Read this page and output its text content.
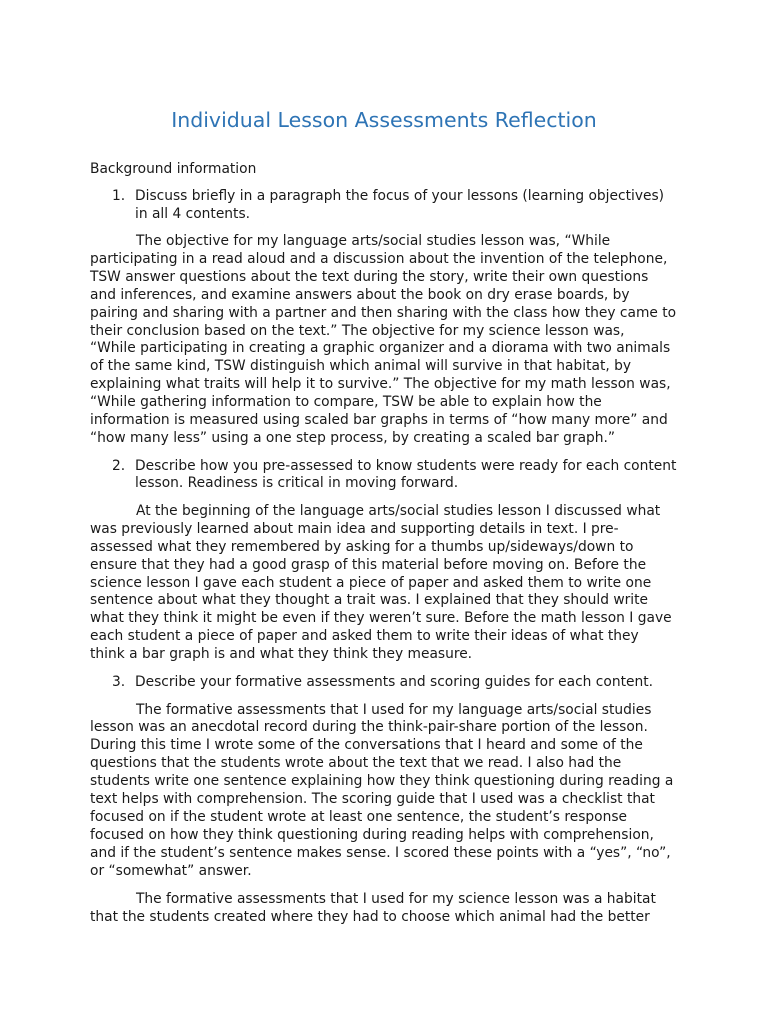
Individual Lesson Assessments Reflection
Background information
1. Discuss briefly in a paragraph the focus of your lessons (learning objectives)
in all 4 contents.
The objective for my language arts/social studies lesson was, “While
participating in a read aloud and a discussion about the invention of the telephone,
TSW answer questions about the text during the story, write their own questions
and inferences, and examine answers about the book on dry erase boards, by
pairing and sharing with a partner and then sharing with the class how they came to
their conclusion based on the text.” The objective for my science lesson was,
“While participating in creating a graphic organizer and a diorama with two animals
of the same kind, TSW distinguish which animal will survive in that habitat, by
explaining what traits will help it to survive.” The objective for my math lesson was,
“While gathering information to compare, TSW be able to explain how the
information is measured using scaled bar graphs in terms of “how many more” and
“how many less” using a one step process, by creating a scaled bar graph.”
2. Describe how you pre-assessed to know students were ready for each content
lesson. Readiness is critical in moving forward.
At the beginning of the language arts/social studies lesson I discussed what
was previously learned about main idea and supporting details in text. I pre-
assessed what they remembered by asking for a thumbs up/sideways/down to
ensure that they had a good grasp of this material before moving on. Before the
science lesson I gave each student a piece of paper and asked them to write one
sentence about what they thought a trait was. I explained that they should write
what they think it might be even if they weren’t sure. Before the math lesson I gave
each student a piece of paper and asked them to write their ideas of what they
think a bar graph is and what they think they measure.
3. Describe your formative assessments and scoring guides for each content.
The formative assessments that I used for my language arts/social studies
lesson was an anecdotal record during the think-pair-share portion of the lesson.
During this time I wrote some of the conversations that I heard and some of the
questions that the students wrote about the text that we read. I also had the
students write one sentence explaining how they think questioning during reading a
text helps with comprehension. The scoring guide that I used was a checklist that
focused on if the student wrote at least one sentence, the student’s response
focused on how they think questioning during reading helps with comprehension,
and if the student’s sentence makes sense. I scored these points with a “yes”, “no”,
or “somewhat” answer.
The formative assessments that I used for my science lesson was a habitat
that the students created where they had to choose which animal had the better
